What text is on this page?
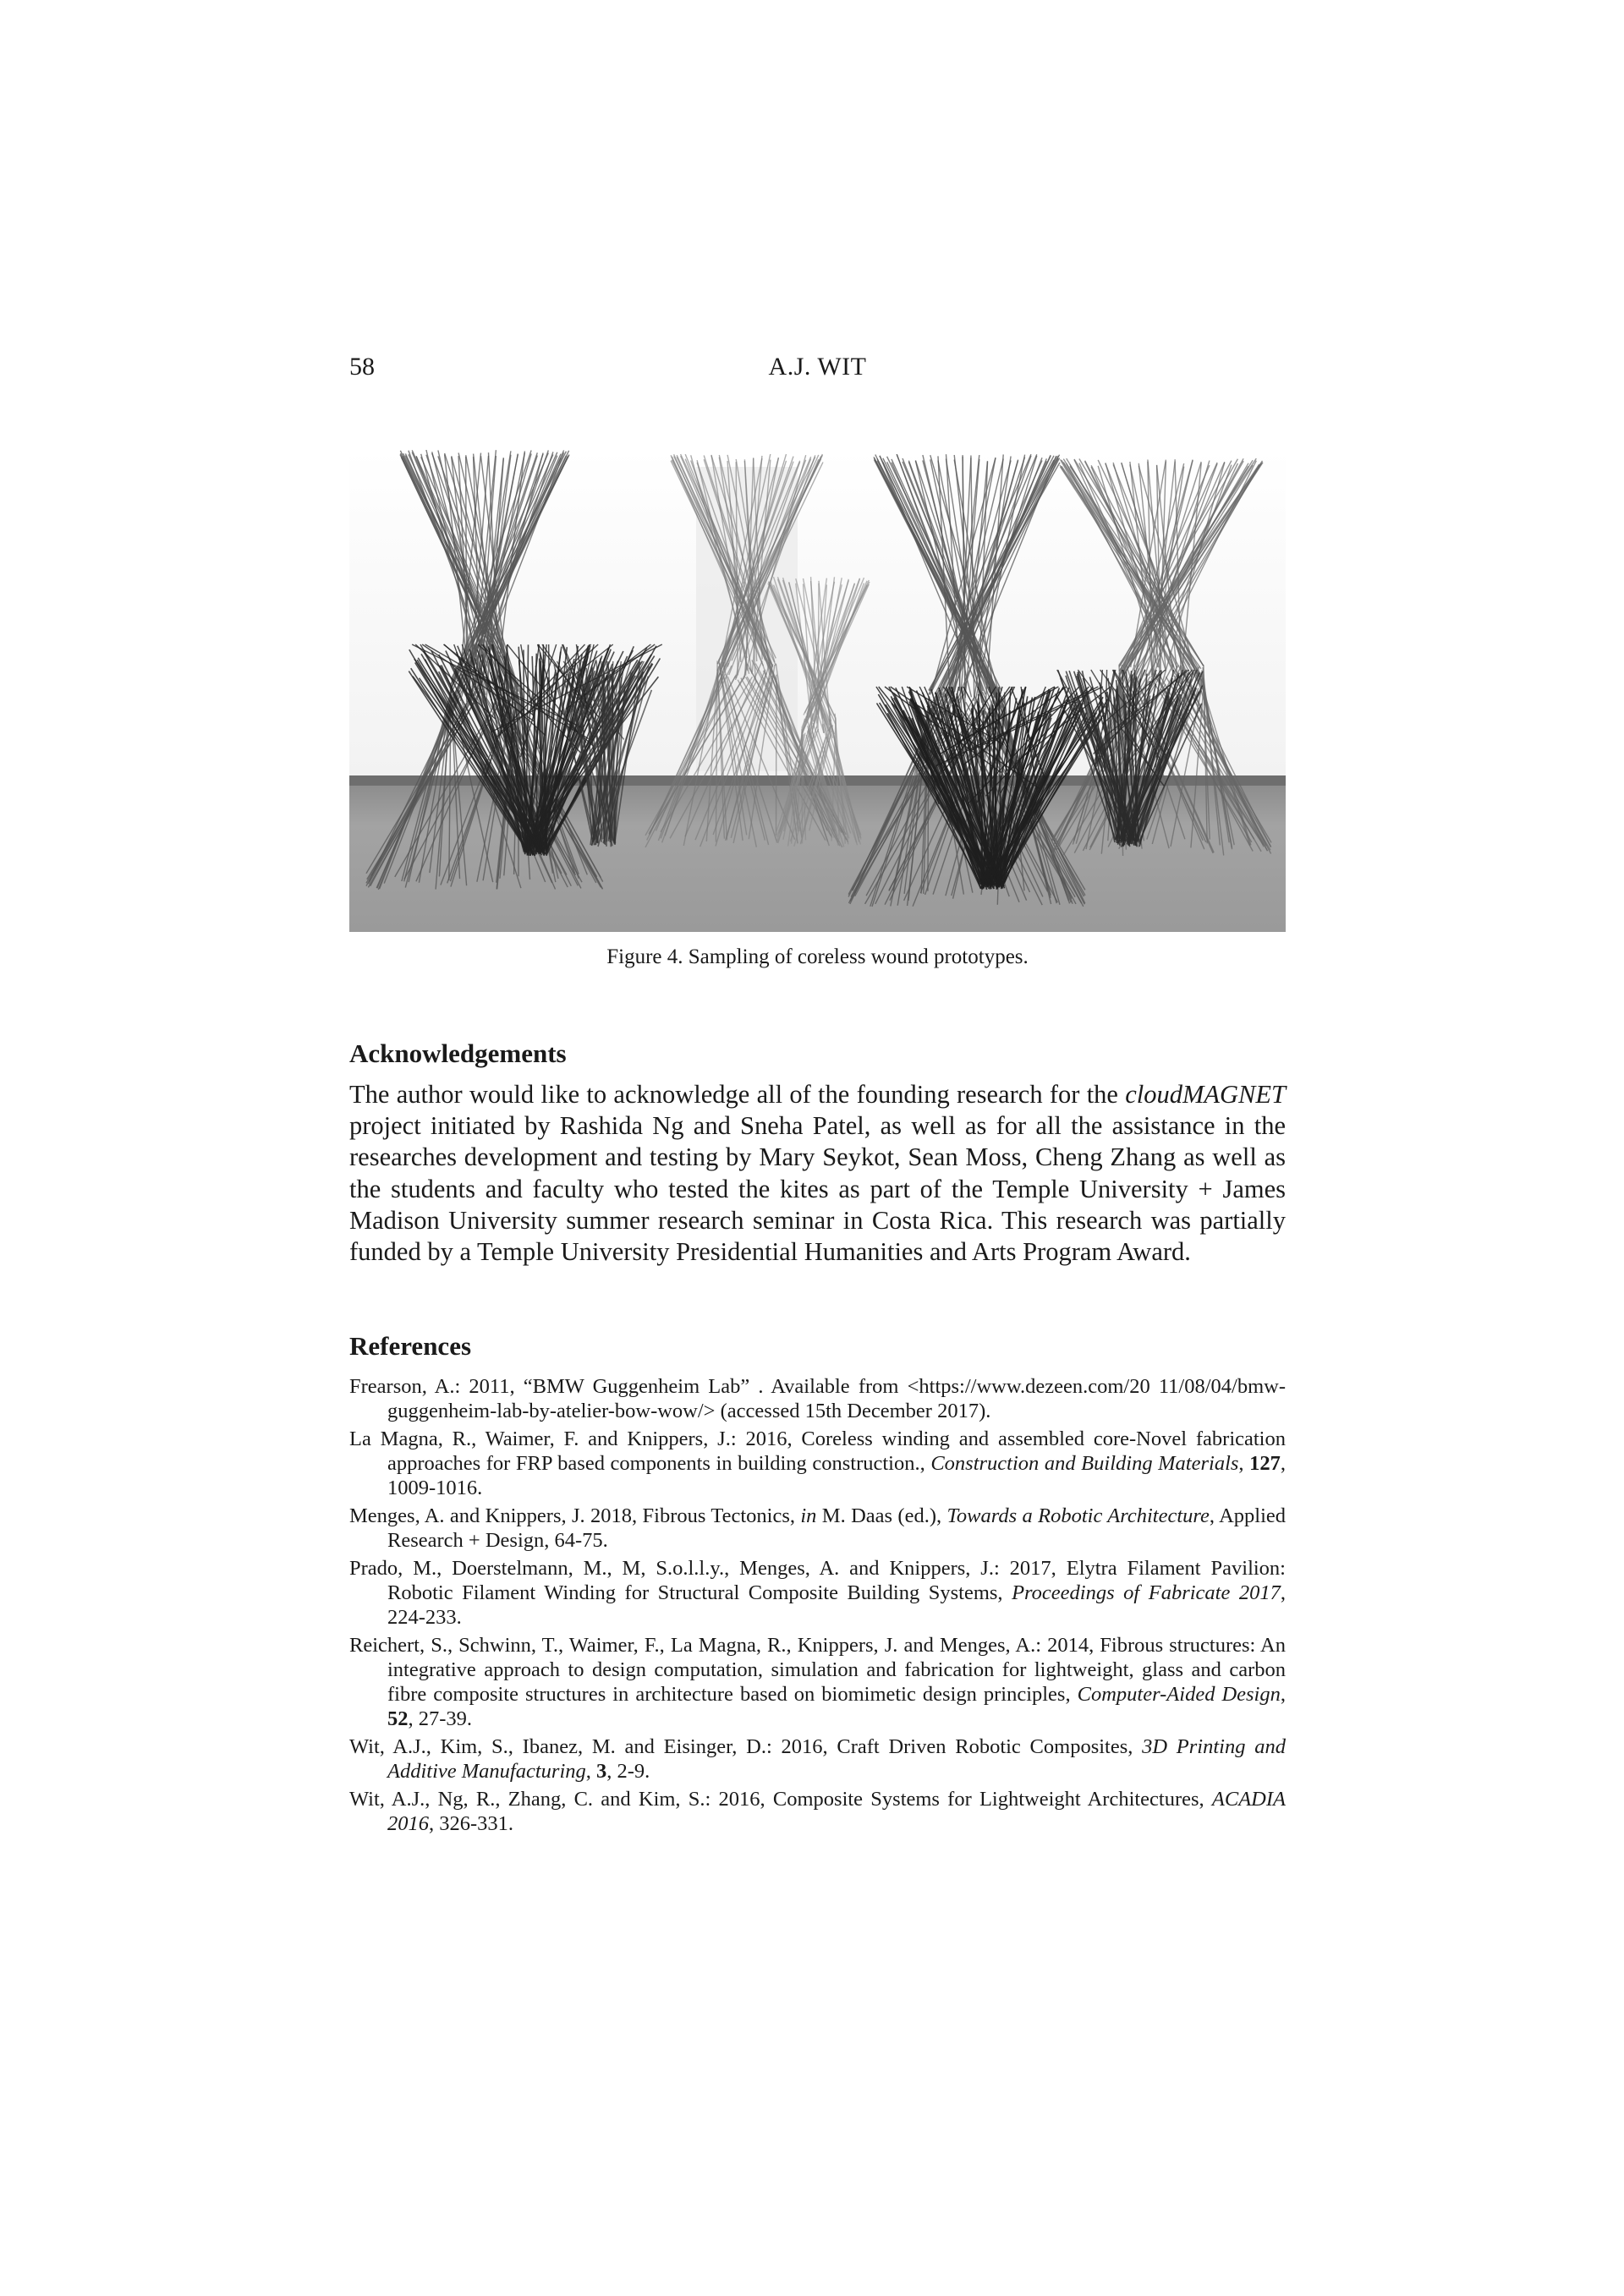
58	A.J. WIT
Figure 4. Sampling of coreless wound prototypes.
Acknowledgements

The author would like to acknowledge all of the founding research for the cloudMAGNET project initiated by Rashida Ng and Sneha Patel, as well as for all the assistance in the researches development and testing by Mary Seykot, Sean Moss, Cheng Zhang as well as the students and faculty who tested the kites as part of the Temple University + James Madison University summer research seminar in Costa Rica. This research was partially funded by a Temple University Presidential Humanities and Arts Program Award.

References

Frearson, A.: 2011, “BMW Guggenheim Lab” . Available from <https://www.dezeen.com/20 11/08/04/bmw-guggenheim-lab-by-atelier-bow-wow/> (accessed 15th December 2017).

La Magna, R., Waimer, F. and Knippers, J.: 2016, Coreless winding and assembled core-Novel fabrication approaches for FRP based components in building construction., Construction and Building Materials, 127, 1009-1016.

Menges, A. and Knippers, J. 2018, Fibrous Tectonics, in M. Daas (ed.), Towards a Robotic Architecture, Applied Research + Design, 64-75.

Prado, M., Doerstelmann, M., M, S.o.l.l.y., Menges, A. and Knippers, J.: 2017, Elytra Filament Pavilion: Robotic Filament Winding for Structural Composite Building Systems, Proceedings of Fabricate 2017, 224-233.

Reichert, S., Schwinn, T., Waimer, F., La Magna, R., Knippers, J. and Menges, A.: 2014, Fibrous structures: An integrative approach to design computation, simulation and fabrication for lightweight, glass and carbon fibre composite structures in architecture based on biomimetic design principles, Computer-Aided Design, 52, 27-39.

Wit, A.J., Kim, S., Ibanez, M. and Eisinger, D.: 2016, Craft Driven Robotic Composites, 3D Printing and Additive Manufacturing, 3, 2-9.

Wit, A.J., Ng, R., Zhang, C. and Kim, S.: 2016, Composite Systems for Lightweight Architectures, ACADIA 2016, 326-331.
